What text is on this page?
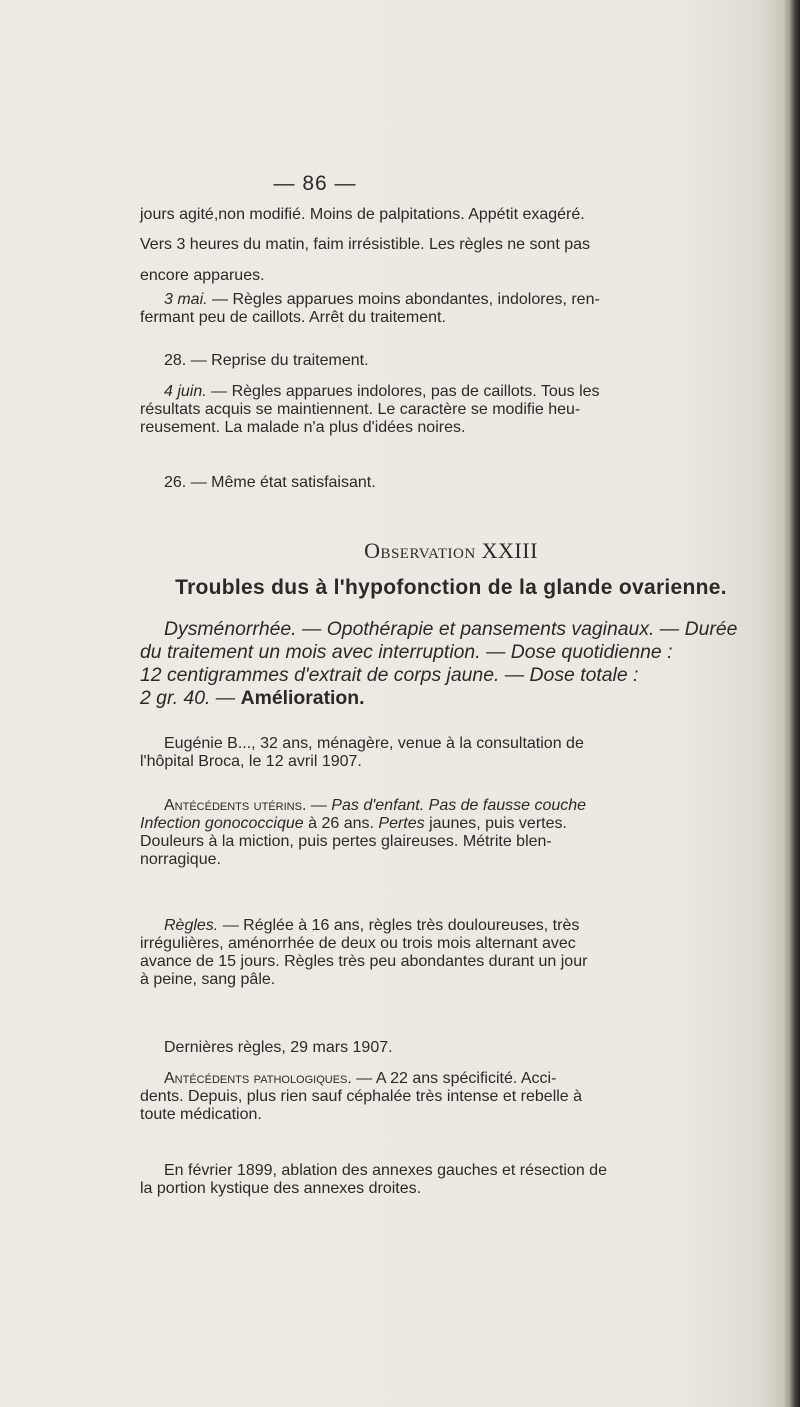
— 86 —

jours agité,non modifié. Moins de palpitations. Appétit exagéré.

Vers 3 heures du matin, faim irrésistible. Les règles ne sont pas

encore apparues.

3 mai. — Règles apparues moins abondantes, indolores, ren-

fermant peu de caillots. Arrêt du traitement.

28. — Reprise du traitement.

4 juin. — Règles apparues indolores, pas de caillots. Tous les

résultats acquis se maintiennent. Le caractère se modifie heu-

reusement. La malade n'a plus d'idées noires.

26. — Même état satisfaisant.

Observation XXIII

Troubles dus à l'hypofonction de la glande ovarienne.

Dysménorrhée. — Opothérapie et pansements vaginaux. — Durée

du traitement un mois avec interruption. — Dose quotidienne :

12 centigrammes d'extrait de corps jaune. — Dose totale :

2 gr. 40. — Amélioration.

Eugénie B..., 32 ans, ménagère, venue à la consultation de

l'hôpital Broca, le 12 avril 1907.

Antécédents utérins. — Pas d'enfant. Pas de fausse couche

Infection gonococcique à 26 ans. Pertes jaunes, puis vertes.

Douleurs à la miction, puis pertes glaireuses. Métrite blen-

norragique.

Règles. — Réglée à 16 ans, règles très douloureuses, très

irrégulières, aménorrhée de deux ou trois mois alternant avec

avance de 15 jours. Règles très peu abondantes durant un jour

à peine, sang pâle.

Dernières règles, 29 mars 1907.

Antécédents pathologiques. — A 22 ans spécificité. Acci-

dents. Depuis, plus rien sauf céphalée très intense et rebelle à

toute médication.

En février 1899, ablation des annexes gauches et résection de

la portion kystique des annexes droites.
